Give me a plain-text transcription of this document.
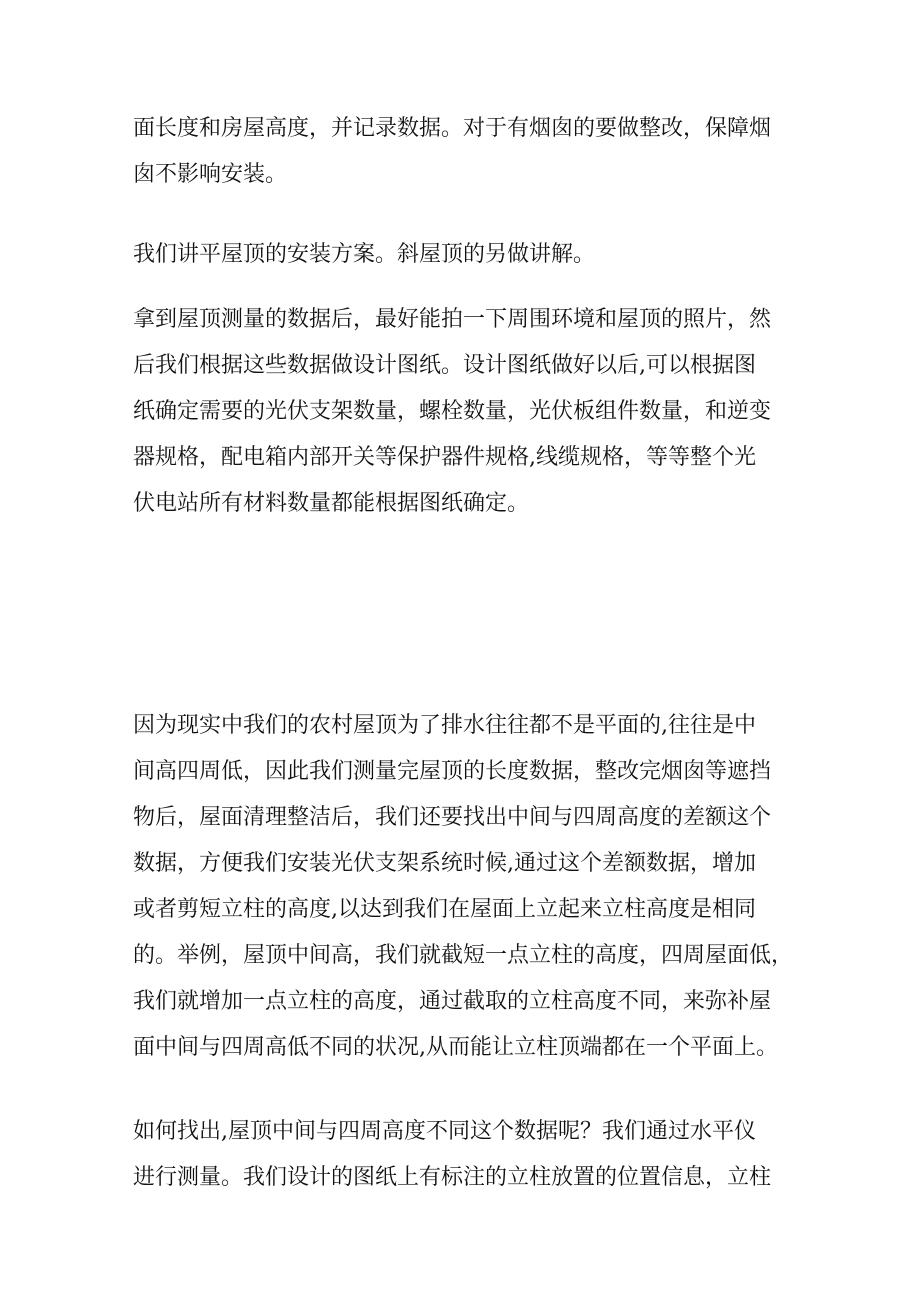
面长度和房屋高度，并记录数据。对于有烟囱的要做整改，保障烟
囱不影响安装。
我们讲平屋顶的安装方案。斜屋顶的另做讲解。
拿到屋顶测量的数据后，最好能拍一下周围环境和屋顶的照片，然
后我们根据这些数据做设计图纸。设计图纸做好以后,可以根据图
纸确定需要的光伏支架数量，螺栓数量，光伏板组件数量，和逆变
器规格，配电箱内部开关等保护器件规格,线缆规格，等等整个光
伏电站所有材料数量都能根据图纸确定。
因为现实中我们的农村屋顶为了排水往往都不是平面的,往往是中
间高四周低，因此我们测量完屋顶的长度数据，整改完烟囱等遮挡
物后，屋面清理整洁后，我们还要找出中间与四周高度的差额这个
数据，方便我们安装光伏支架系统时候,通过这个差额数据，增加
或者剪短立柱的高度,以达到我们在屋面上立起来立柱高度是相同
的。举例，屋顶中间高，我们就截短一点立柱的高度，四周屋面低，
我们就增加一点立柱的高度，通过截取的立柱高度不同，来弥补屋
面中间与四周高低不同的状况,从而能让立柱顶端都在一个平面上。
如何找出,屋顶中间与四周高度不同这个数据呢？我们通过水平仪
进行测量。我们设计的图纸上有标注的立柱放置的位置信息，立柱
